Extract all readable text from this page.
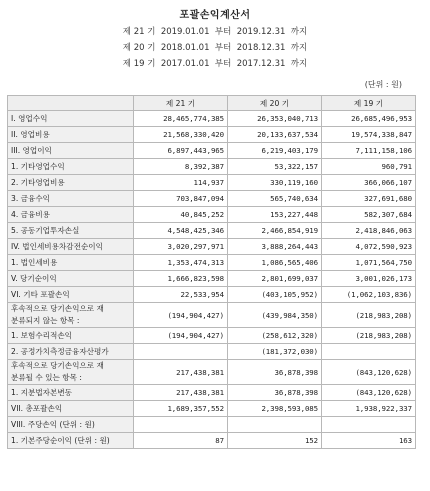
포괄손익계산서
제 21 기  2019.01.01  부터  2019.12.31  까지
제 20 기  2018.01.01  부터  2018.12.31  까지
제 19 기  2017.01.01  부터  2017.12.31  까지
(단위 : 원)
	제 21 기	제 20 기	제 19 기
I. 영업수익	28,465,774,385	26,353,040,713	26,685,496,953
II. 영업비용	21,568,330,420	20,133,637,534	19,574,338,847
III. 영업이익	6,897,443,965	6,219,403,179	7,111,158,106
1. 기타영업수익	8,392,387	53,322,157	960,791
2. 기타영업비용	114,937	330,119,160	366,066,107
3. 금융수익	703,847,094	565,740,634	327,691,680
4. 금융비용	40,845,252	153,227,448	582,307,684
5. 공동기업투자손실	4,548,425,346	2,466,854,919	2,418,846,063
IV. 법인세비용차감전순이익	3,020,297,971	3,888,264,443	4,072,590,923
1. 법인세비용	1,353,474,313	1,086,565,406	1,071,564,750
V. 당기순이익	1,666,823,598	2,801,699,037	3,001,026,173
VI. 기타 포괄손익	22,533,954	(403,105,952)	(1,062,103,836)
후속적으로 당기손익으로 재
분류되지 않는 항목 :	(194,904,427)	(439,984,350)	(218,983,208)
1. 보험수리적손익	(194,904,427)	(258,612,320)	(218,983,208)
2. 공정가치측정금융자산평가		(181,372,030)	
후속적으로 당기손익으로 재
분류될 수 있는 항목 :	217,438,381	36,878,398	(843,120,628)
1. 지분법자본변동	217,438,381	36,878,398	(843,120,628)
VII. 총포괄손익	1,689,357,552	2,398,593,085	1,938,922,337
VIII. 주당손익 (단위 : 원)			
1. 기본주당순이익 (단위 : 원)	87	152	163
